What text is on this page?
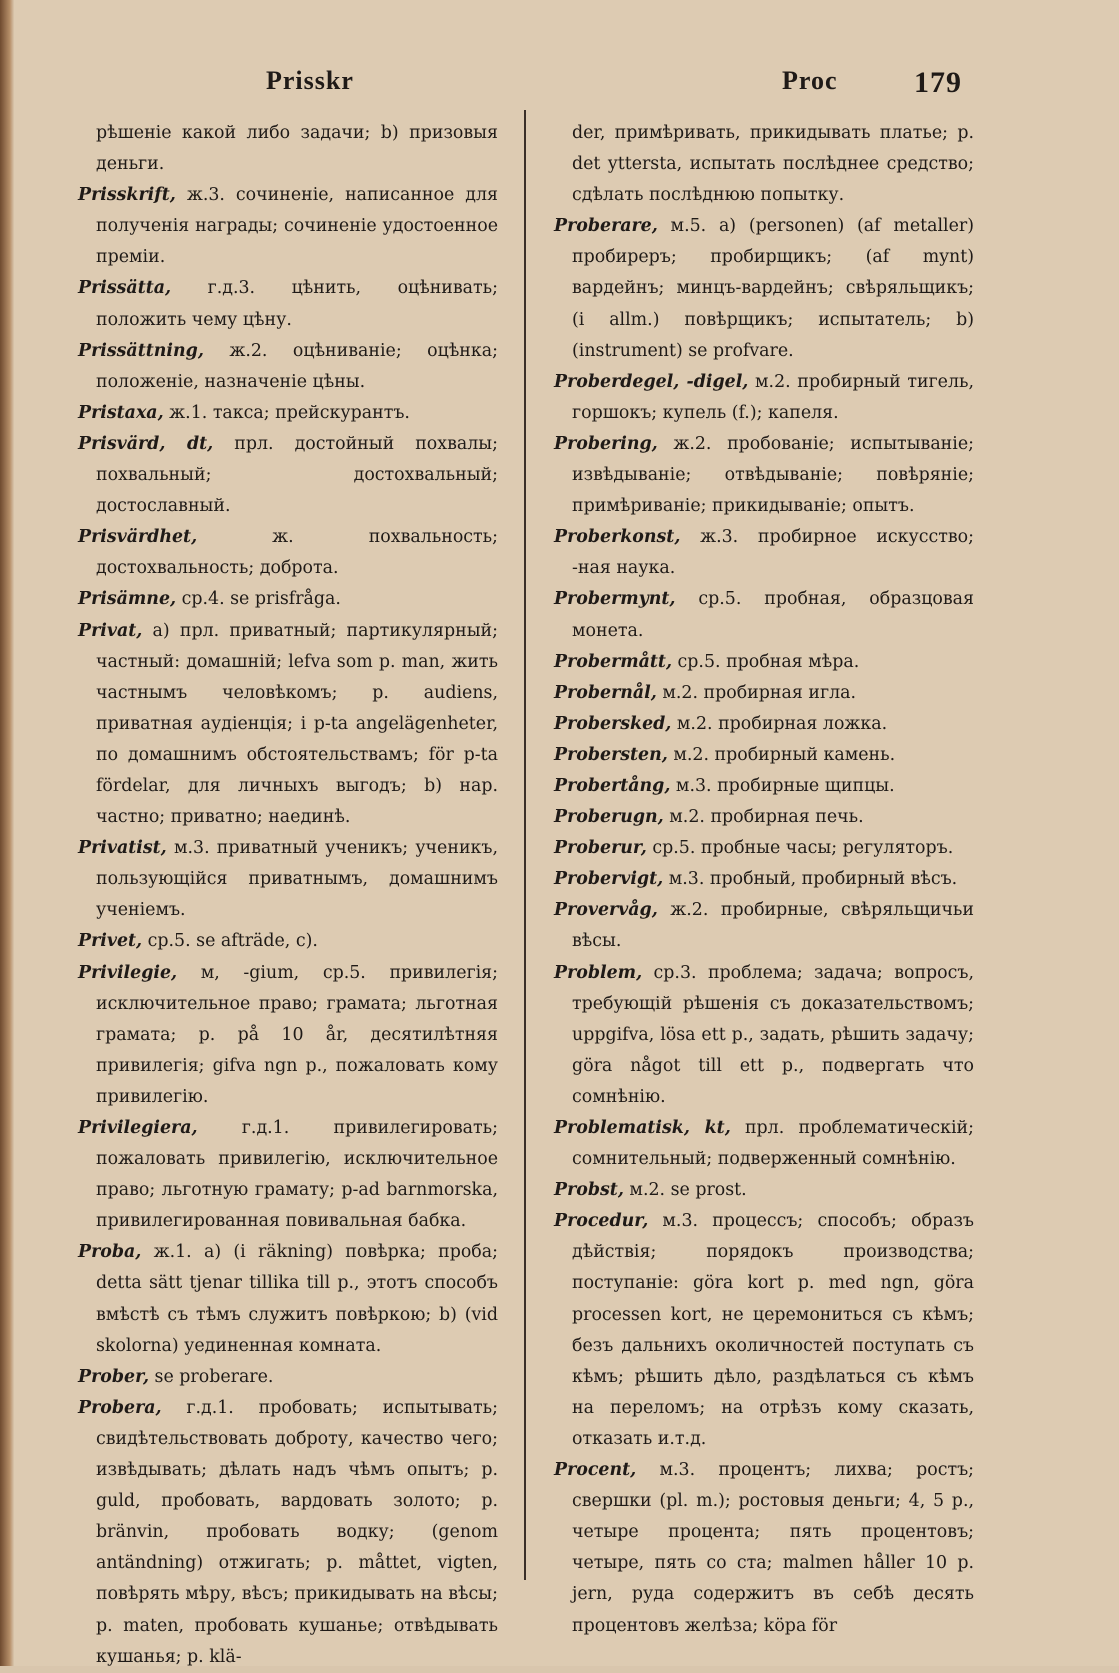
Prisskr	Proc	179

рѣшеніе какой либо задачи; b) призовыя деньги.

Prisskrift, ж.3. сочиненіе, написанное для полученія награды; сочиненіе удостоенное премiи.

Prissätta, г.д.3. цѣнить, оцѣнивать; положить чему цѣну.

Prissättning, ж.2. оцѣниванiе; оцѣнка; положенiе, назначенiе цѣны.

Pristaxa, ж.1. такса; прейскурантъ.

Prisvärd, dt, прл. достойный похвалы; похвальный; достохвальный; достославный.

Prisvärdhet, ж. похвальность; достохвальность; доброта.

Prisämne, ср.4. se prisfråga.

Privat, a) прл. приватный; партикулярный; частный: домашнiй; lefva som p. man, жить частнымъ человѣкомъ; p. audiens, приватная аудiенцiя; i p-ta angelägenheter, по домашнимъ обстоятельствамъ; för p-ta fördelar, для личныхъ выгодъ; b) нар. частно; приватно; наединѣ.

Privatist, м.3. приватный ученикъ; ученикъ, пользующiйся приватнымъ, домашнимъ ученiемъ.

Privet, ср.5. se afträde, c).

Privilegie, м, -gium, ср.5. привилегiя; исключительное право; грамата; льготная грамата; p. på 10 år, десятилѣтняя привилегiя; gifva ngn p., пожаловать кому привилегiю.

Privilegiera, г.д.1. привилегировать; пожаловать привилегiю, исключительное право; льготную грамату; p-ad barnmorska, привилегированная повивальная бабка.

Proba, ж.1. a) (i räkning) повѣрка; проба; detta sätt tjenar tillika till p., этотъ способъ вмѣстѣ съ тѣмъ служитъ повѣркою; b) (vid skolorna) уединенная комната.

Prober, se proberare.

Probera, г.д.1. пробовать; испытывать; свидѣтельствовать доброту, качество чего; извѣдывать; дѣлать надъ чѣмъ опытъ; p. guld, пробовать, вардовать золото; p. bränvin, пробовать водку; (genom antändning) отжигать; p. måttet, vigten, повѣрять мѣру, вѣсъ; прикидывать на вѣсы; p. maten, пробовать кушанье; отвѣдывать кушанья; p. klä-

der, примѣривать, прикидывать платье; p. det yttersta, испытать послѣднее средство; сдѣлать послѣднюю попытку.

Proberare, м.5. a) (personen) (af metaller) пробиреръ; пробирщикъ; (af mynt) вардейнъ; минцъ-вардейнъ; свѣряльщикъ; (i allm.) повѣрщикъ; испытатель; b) (instrument) se profvare.

Proberdegel, -digel, м.2. пробирный тигель, горшокъ; купель (f.); капеля.

Probering, ж.2. пробованiе; испытыванiе; извѣдыванiе; отвѣдыванiе; повѣрянiе; примѣриванiе; прикидыванiе; опытъ.

Proberkonst, ж.3. пробирное искусство; -ная наука.

Probermynt, ср.5. пробная, образцовая монета.

Probermått, ср.5. пробная мѣра.

Probernål, м.2. пробирная игла.

Probersked, м.2. пробирная ложка.

Probersten, м.2. пробирный камень.

Probertång, м.3. пробирные щипцы.

Proberugn, м.2. пробирная печь.

Proberur, ср.5. пробные часы; регуляторъ.

Probervigt, м.3. пробный, пробирный вѣсъ.

Provervåg, ж.2. пробирные, свѣряльщичьи вѣсы.

Problem, ср.3. проблема; задача; вопросъ, требующiй рѣшенiя съ доказательствомъ; uppgifva, lösa ett p., задать, рѣшить задачу; göra något till ett p., подвергать что сомнѣнiю.

Problematisk, kt, прл. проблематическiй; сомнительный; подверженный сомнѣнiю.

Probst, м.2. se prost.

Procedur, м.3. процессъ; способъ; образъ дѣйствiя; порядокъ производства; поступанiе: göra kort p. med ngn, göra processen kort, не церемониться съ кѣмъ; безъ дальнихъ околичностей поступать съ кѣмъ; рѣшить дѣло, раздѣлаться съ кѣмъ на переломъ; на отрѣзъ кому сказать, отказать и.т.д.

Procent, м.3. процентъ; лихва; ростъ; свершки (pl. m.); ростовыя деньги; 4, 5 p., четыре процента; пять процентовъ; четыре, пять со ста; malmen håller 10 p. jern, руда содержитъ въ себѣ десять процентовъ желѣза; köpa för
